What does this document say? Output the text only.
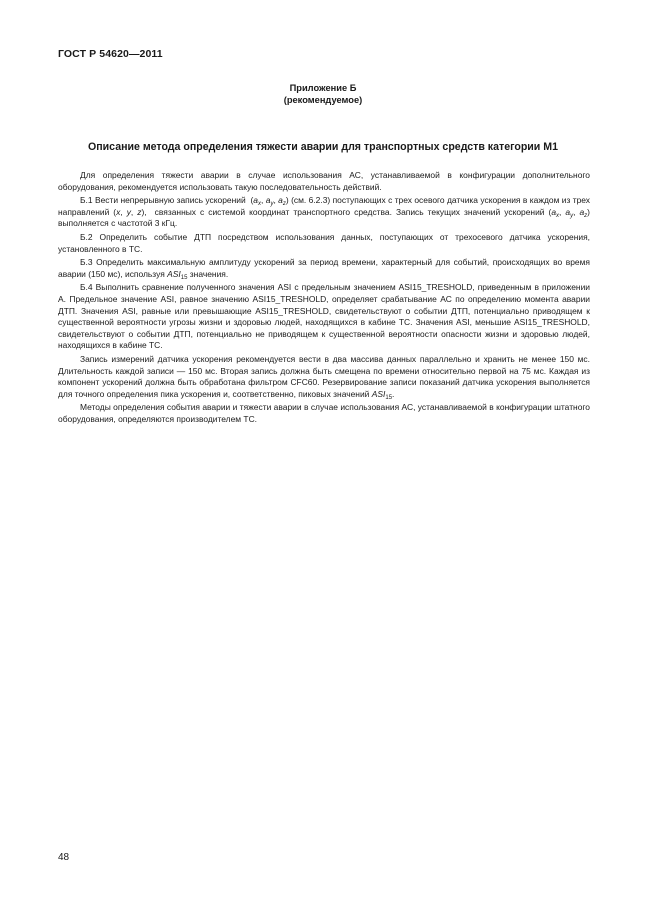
ГОСТ Р 54620—2011
Приложение Б
(рекомендуемое)
Описание метода определения тяжести аварии для транспортных средств категории М1

Для определения тяжести аварии в случае использования АС, устанавливаемой в конфигурации дополнительного оборудования, рекомендуется использовать такую последовательность действий.

Б.1 Вести непрерывную запись ускорений  ($a_x$, $a_y$, $a_z$) (см. 6.2.3) поступающих с трех осевого датчика ускорения в каждом из трех направлений (x, y, z),  связанных с системой координат транспортного средства. Запись текущих значений ускорений ($a_x$, $a_y$, $a_z$) выполняется с частотой 3 кГц.

Б.2 Определить событие ДТП посредством использования данных, поступающих от трехосевого датчика ускорения, установленного в ТС.

Б.3 Определить максимальную амплитуду ускорений за период времени, характерный для событий, происходящих во время аварии (150 мс), используя $ASI_{15}$ значения.

Б.4 Выполнить сравнение полученного значения ASI с предельным значением ASI15_TRESHOLD, приведенным в приложении А. Предельное значение ASI, равное значению ASI15_TRESHOLD, определяет срабатывание АС по определению момента аварии ДТП. Значения ASI, равные или превышающие ASI15_TRESHOLD, свидетельствуют о событии ДТП, потенциально приводящем к существенной вероятности угрозы жизни и здоровью людей, находящихся в кабине ТС. Значения ASI, меньшие ASI15_TRESHOLD, свидетельствуют о событии ДТП, потенциально не приводящем к существенной вероятности опасности жизни и здоровью людей, находящихся в кабине ТС.

Запись измерений датчика ускорения рекомендуется вести в два массива данных параллельно и хранить не менее 150 мс. Длительность каждой записи — 150 мс. Вторая запись должна быть смещена по времени относительно первой на 75 мс. Каждая из компонент ускорений должна быть обработана фильтром CFC60. Резервирование записи показаний датчика ускорения выполняется для точного определения пика ускорения и, соответственно, пиковых значений $ASI_{15}$.

Методы определения события аварии и тяжести аварии в случае использования АС, устанавливаемой в конфигурации штатного оборудования, определяются производителем ТС.

48
